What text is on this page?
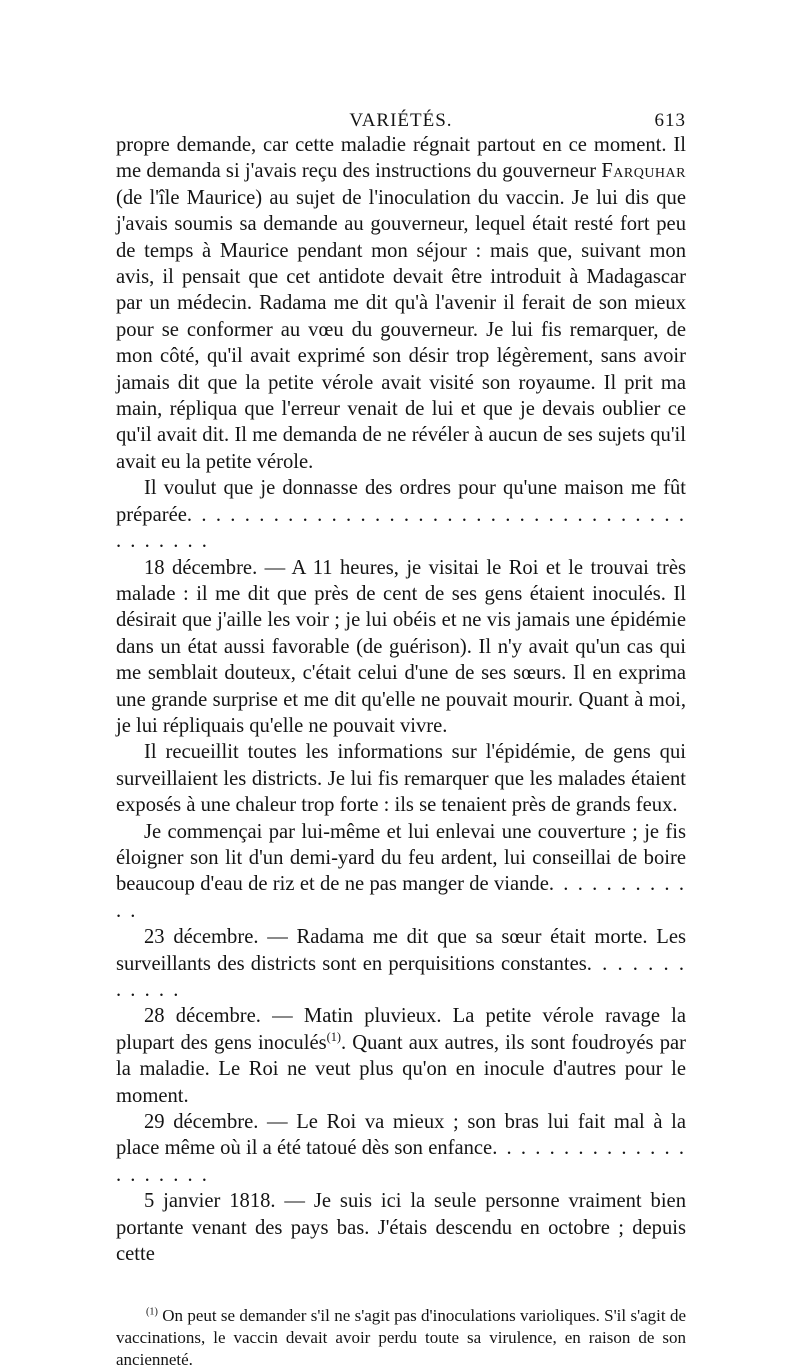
VARIÉTÉS.	613

propre demande, car cette maladie régnait partout en ce moment. Il me demanda si j'avais reçu des instructions du gouverneur Farquhar (de l'île Maurice) au sujet de l'inoculation du vaccin. Je lui dis que j'avais soumis sa demande au gouverneur, lequel était resté fort peu de temps à Maurice pendant mon séjour : mais que, suivant mon avis, il pensait que cet antidote devait être introduit à Madagascar par un médecin. Radama me dit qu'à l'avenir il ferait de son mieux pour se conformer au vœu du gouverneur. Je lui fis remarquer, de mon côté, qu'il avait exprimé son désir trop légèrement, sans avoir jamais dit que la petite vérole avait visité son royaume. Il prit ma main, répliqua que l'erreur venait de lui et que je devais oublier ce qu'il avait dit. Il me demanda de ne révéler à aucun de ses sujets qu'il avait eu la petite vérole.

Il voulut que je donnasse des ordres pour qu'une maison me fût préparée. . . . . . . . . . . . . . . . . . . . . . . . . . . . . . . . . . . . . . . . . .

18 décembre. — A 11 heures, je visitai le Roi et le trouvai très malade : il me dit que près de cent de ses gens étaient inoculés. Il désirait que j'aille les voir ; je lui obéis et ne vis jamais une épidémie dans un état aussi favorable (de guérison). Il n'y avait qu'un cas qui me semblait douteux, c'était celui d'une de ses sœurs. Il en exprima une grande surprise et me dit qu'elle ne pouvait mourir. Quant à moi, je lui répliquais qu'elle ne pouvait vivre.

Il recueillit toutes les informations sur l'épidémie, de gens qui surveillaient les districts. Je lui fis remarquer que les malades étaient exposés à une chaleur trop forte : ils se tenaient près de grands feux.

Je commençai par lui-même et lui enlevai une couverture ; je fis éloigner son lit d'un demi-yard du feu ardent, lui conseillai de boire beaucoup d'eau de riz et de ne pas manger de viande. . . . . . . . . . . .

23 décembre. — Radama me dit que sa sœur était morte. Les surveillants des districts sont en perquisitions constantes. . . . . . . . . . . .

28 décembre. — Matin pluvieux. La petite vérole ravage la plupart des gens inoculés$^{(1)}$. Quant aux autres, ils sont foudroyés par la maladie. Le Roi ne veut plus qu'on en inocule d'autres pour le moment.

29 décembre. — Le Roi va mieux ; son bras lui fait mal à la place même où il a été tatoué dès son enfance. . . . . . . . . . . . . . . . . . . . .

5 janvier 1818. — Je suis ici la seule personne vraiment bien portante venant des pays bas. J'étais descendu en octobre ; depuis cette

$^{(1)}$ On peut se demander s'il ne s'agit pas d'inoculations varioliques. S'il s'agit de vaccinations, le vaccin devait avoir perdu toute sa virulence, en raison de son ancienneté.
